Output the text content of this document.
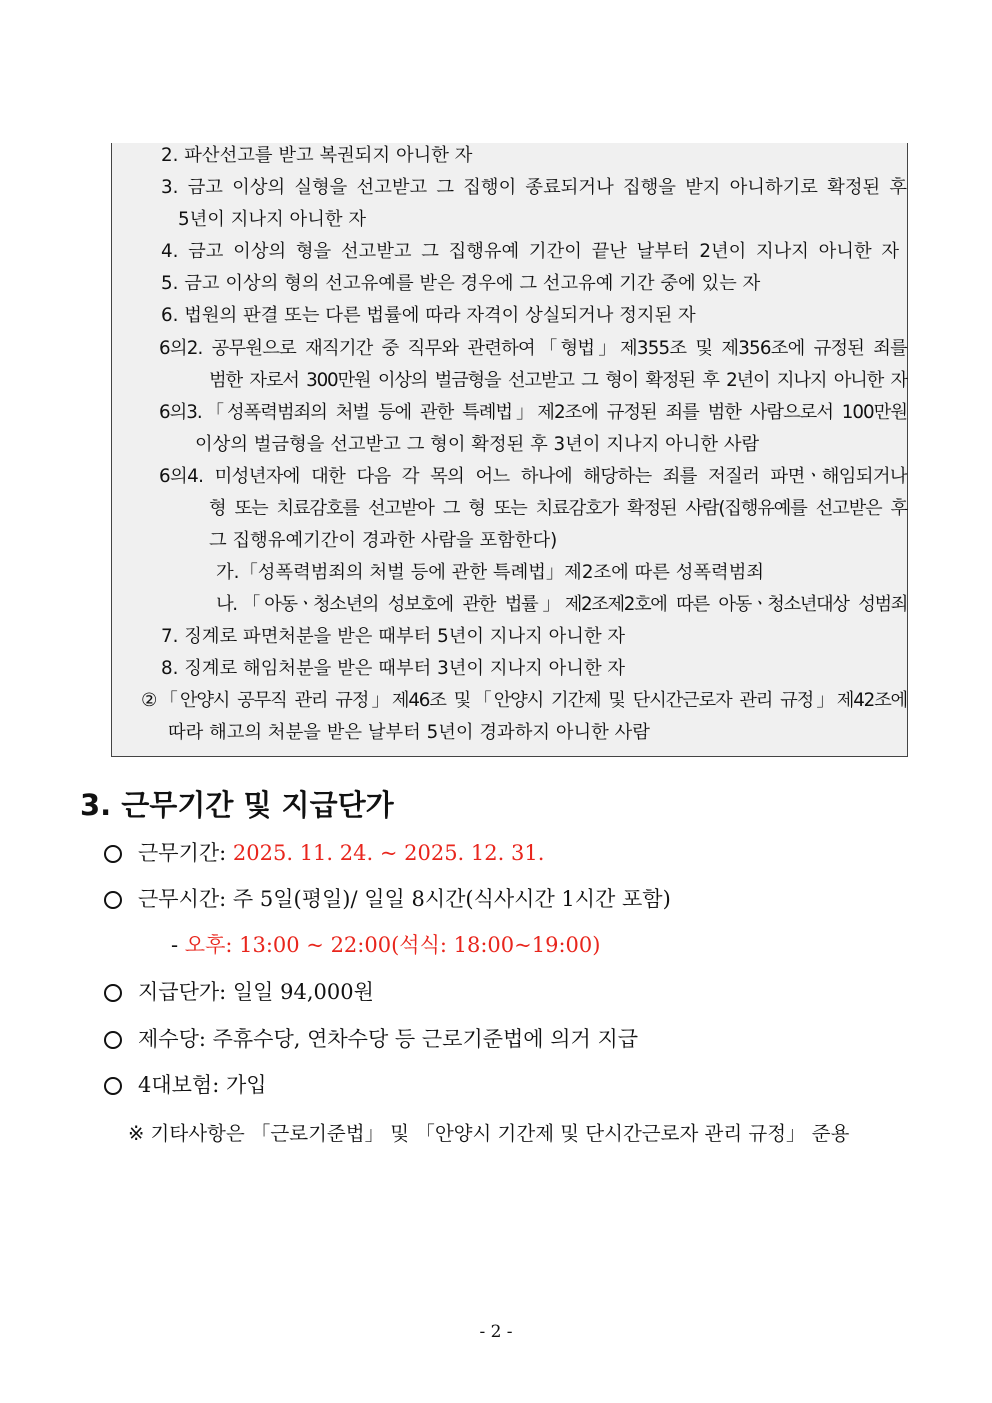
2. 파산선고를 받고 복권되지 아니한 자
3. 금고 이상의 실형을 선고받고 그 집행이 종료되거나 집행을 받지 아니하기로 확정된 후
5년이 지나지 아니한 자
4. 금고 이상의 형을 선고받고 그 집행유예 기간이 끝난 날부터 2년이 지나지 아니한 자
5. 금고 이상의 형의 선고유예를 받은 경우에 그 선고유예 기간 중에 있는 자
6. 법원의 판결 또는 다른 법률에 따라 자격이 상실되거나 정지된 자
6의2. 공무원으로 재직기간 중 직무와 관련하여「형법」제355조 및 제356조에 규정된 죄를
범한 자로서 300만원 이상의 벌금형을 선고받고 그 형이 확정된 후 2년이 지나지 아니한 자
6의3.「성폭력범죄의 처벌 등에 관한 특례법」제2조에 규정된 죄를 범한 사람으로서 100만원
이상의 벌금형을 선고받고 그 형이 확정된 후 3년이 지나지 아니한 사람
6의4. 미성년자에 대한 다음 각 목의 어느 하나에 해당하는 죄를 저질러 파면ㆍ해임되거나
형 또는 치료감호를 선고받아 그 형 또는 치료감호가 확정된 사람(집행유예를 선고받은 후
그 집행유예기간이 경과한 사람을 포함한다)
가.「성폭력범죄의 처벌 등에 관한 특례법」제2조에 따른 성폭력범죄
나.「아동ㆍ청소년의 성보호에 관한 법률」제2조제2호에 따른 아동ㆍ청소년대상 성범죄
7. 징계로 파면처분을 받은 때부터 5년이 지나지 아니한 자
8. 징계로 해임처분을 받은 때부터 3년이 지나지 아니한 자
②「안양시 공무직 관리 규정」제46조 및「안양시 기간제 및 단시간근로자 관리 규정」제42조에
따라 해고의 처분을 받은 날부터 5년이 경과하지 아니한 사람
3. 근무기간 및 지급단가
근무기간: 2025. 11. 24. ~ 2025. 12. 31.
근무시간: 주 5일(평일)/ 일일 8시간(식사시간 1시간 포함)
- 오후: 13:00 ~ 22:00(석식: 18:00~19:00)
지급단가: 일일 94,000원
제수당: 주휴수당, 연차수당 등 근로기준법에 의거 지급
4대보험: 가입
※ 기타사항은 「근로기준법」 및 「안양시 기간제 및 단시간근로자 관리 규정」 준용
- 2 -
